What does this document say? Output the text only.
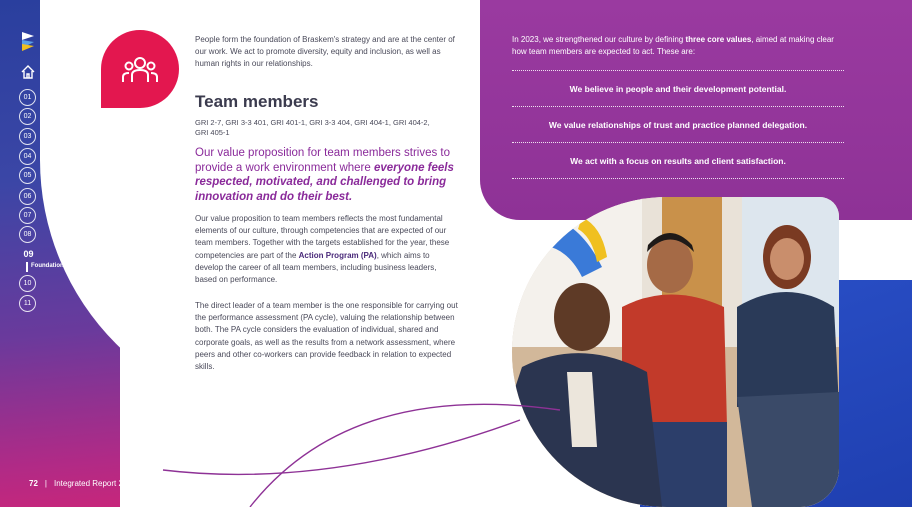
01
02
03
04
05
06
07
08
09
Foundations
10
11
72 | Integrated Report 2023
People

People form the foundation of Braskem's strategy and are at the center of our work. We act to promote diversity, equity and inclusion, as well as human rights in our relationships.

Team members

GRI 2-7, GRI 3-3 401, GRI 401-1, GRI 3-3 404, GRI 404-1, GRI 404-2, GRI 405-1

Our value proposition for team members strives to provide a work environment where everyone feels respected, motivated, and challenged to bring innovation and do their best.

Our value proposition to team members reflects the most fundamental elements of our culture, through competencies that are expected of our team members. Together with the targets established for the year, these competencies are part of the Action Program (PA), which aims to develop the career of all team members, including business leaders, based on performance.

The direct leader of a team member is the one responsible for carrying out the performance assessment (PA cycle), valuing the relationship between both. The PA cycle considers the evaluation of individual, shared and corporate goals, as well as the results from a network assessment, where peers and other co-workers can provide feedback in relation to expected skills.

In 2023, we strengthened our culture by defining three core values, aimed at making clear how team members are expected to act. These are:

We believe in people and their development potential.
We value relationships of trust and practice planned delegation.
We act with a focus on results and client satisfaction.
